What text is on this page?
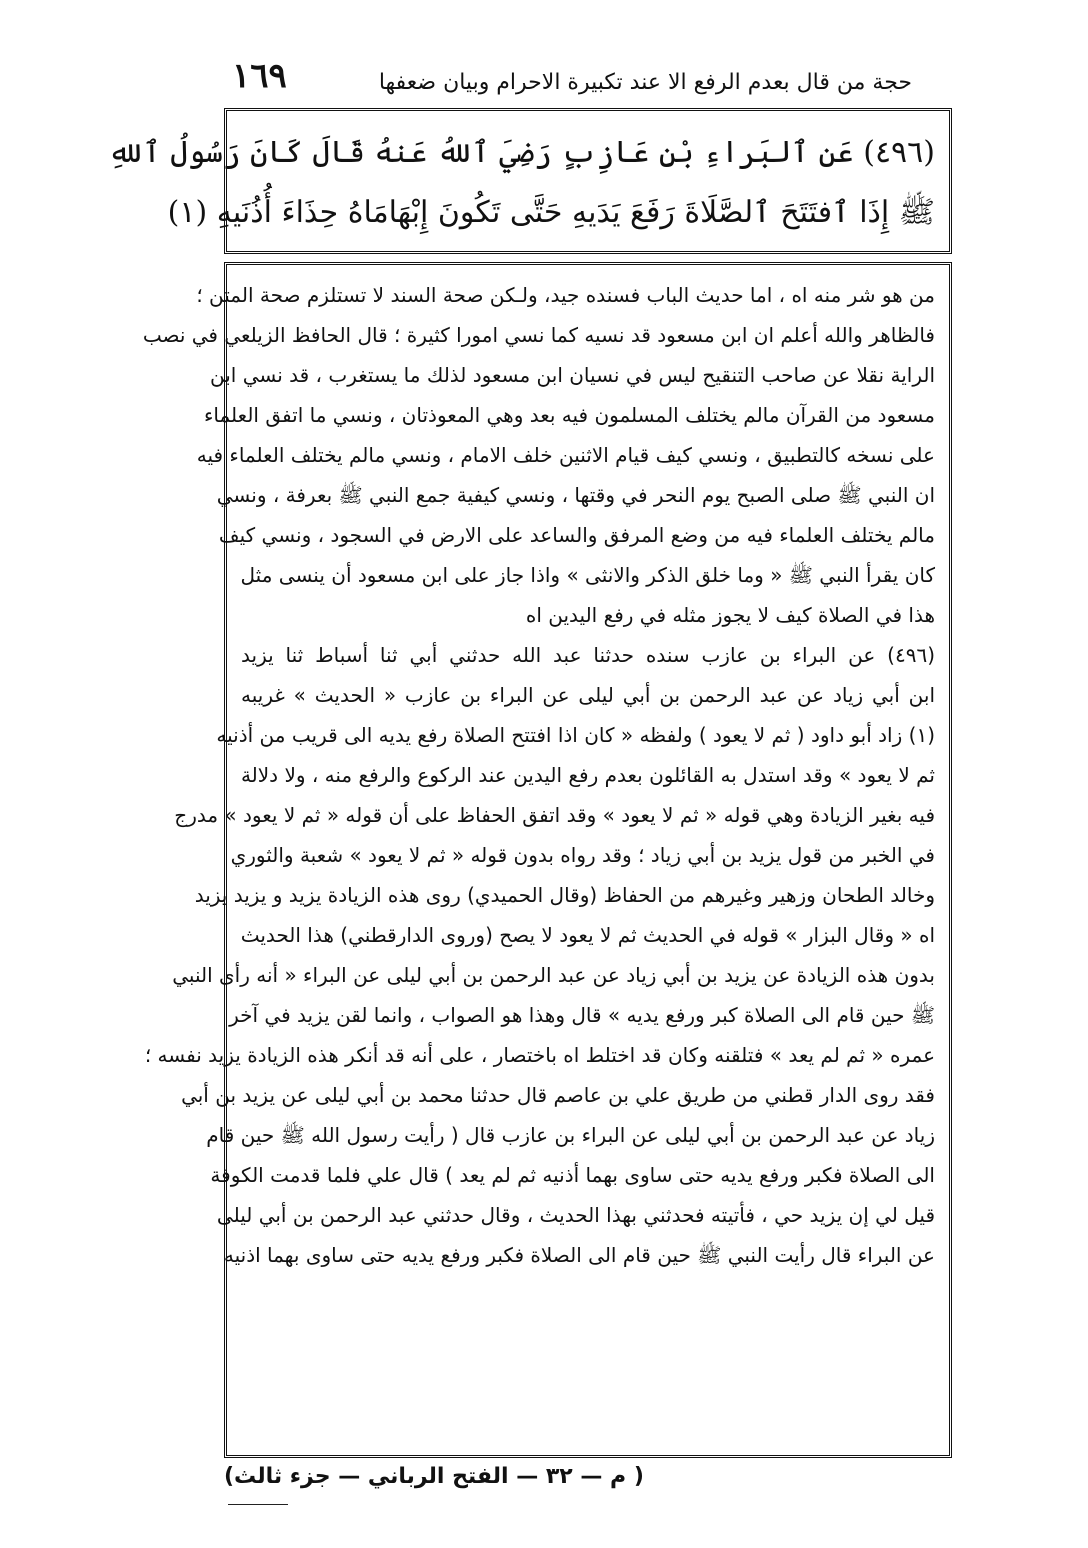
حجة من قال بعدم الرفع الا عند تكبيرة الاحرام وبيان ضعفها
١٦٩
(٤٩٦) عَن ٱلبَراءِ بْنِ عَازِبٍ رَضِيَ ٱللهُ عَنهُ قَالَ كَانَ رَسُولُ ٱللهِ
ﷺ إِذَا ٱفتَتَحَ ٱلصَّلَاةَ رَفَعَ يَدَيهِ حَتَّى تَكُونَ إِبْهَامَاهُ حِذَاءَ أُذُنَيهِ (١)
من هو شر منه اه ، اما حديث الباب فسنده جيد، ولـكن صحة السند لا تستلزم صحة المتن ؛
فالظاهر والله أعلم ان ابن مسعود قد نسيه كما نسي امورا كثيرة ؛ قال الحافظ الزيلعي في نصب
الراية نقلا عن صاحب التنقيح ليس في نسيان ابن مسعود لذلك ما يستغرب ، قد نسي ابن
مسعود من القرآن مالم يختلف المسلمون فيه بعد وهي المعوذتان ، ونسي ما اتفق العلماء
على نسخه كالتطبيق ، ونسي كيف قيام الاثنين خلف الامام ، ونسي مالم يختلف العلماء فيه
ان النبي ﷺ صلى الصبح يوم النحر في وقتها ، ونسي كيفية جمع النبي ﷺ بعرفة ، ونسي
مالم يختلف العلماء فيه من وضع المرفق والساعد على الارض في السجود ، ونسي كيف
كان يقرأ النبي ﷺ « وما خلق الذكر والانثى » واذا جاز على ابن مسعود أن ينسى مثل
هذا في الصلاة كيف لا يجوز مثله في رفع اليدين اه
(٤٩٦) عن البراء بن عازب سنده حدثنا عبد الله حدثني أبي ثنا أسباط ثنا يزيد
ابن أبي زياد عن عبد الرحمن بن أبي ليلى عن البراء بن عازب « الحديث » غريبه
(١) زاد أبو داود ( ثم لا يعود ) ولفظه « كان اذا افتتح الصلاة رفع يديه الى قريب من أذنيه
ثم لا يعود » وقد استدل به القائلون بعدم رفع اليدين عند الركوع والرفع منه ، ولا دلالة
فيه بغير الزيادة وهي قوله « ثم لا يعود » وقد اتفق الحفاظ على أن قوله « ثم لا يعود » مدرج
في الخبر من قول يزيد بن أبي زياد ؛ وقد رواه بدون قوله « ثم لا يعود » شعبة والثوري
وخالد الطحان وزهير وغيرهم من الحفاظ (وقال الحميدي) روى هذه الزيادة يزيد و يزيد يزيد
اه « وقال البزار » قوله في الحديث ثم لا يعود لا يصح (وروى الدارقطني) هذا الحديث
بدون هذه الزيادة عن يزيد بن أبي زياد عن عبد الرحمن بن أبي ليلى عن البراء « أنه رأى النبي
ﷺ حين قام الى الصلاة كبر ورفع يديه » قال وهذا هو الصواب ، وانما لقن يزيد في آخر
عمره « ثم لم يعد » فتلقنه وكان قد اختلط اه باختصار ، على أنه قد أنكر هذه الزيادة يزيد نفسه ؛
فقد روى الدار قطني من طريق علي بن عاصم قال حدثنا محمد بن أبي ليلى عن يزيد بن أبي
زياد عن عبد الرحمن بن أبي ليلى عن البراء بن عازب قال ( رأيت رسول الله ﷺ حين قام
الى الصلاة فكبر ورفع يديه حتى ساوى بهما أذنيه ثم لم يعد ) قال علي فلما قدمت الكوفة
قيل لي إن يزيد حي ، فأتيته فحدثني بهذا الحديث ، وقال حدثني عبد الرحمن بن أبي ليلى
عن البراء قال رأيت النبي ﷺ حين قام الى الصلاة فكبر ورفع يديه حتى ساوى بهما اذنيه
( م — ٣٢ — الفتح الرباني — جزء ثالث)
